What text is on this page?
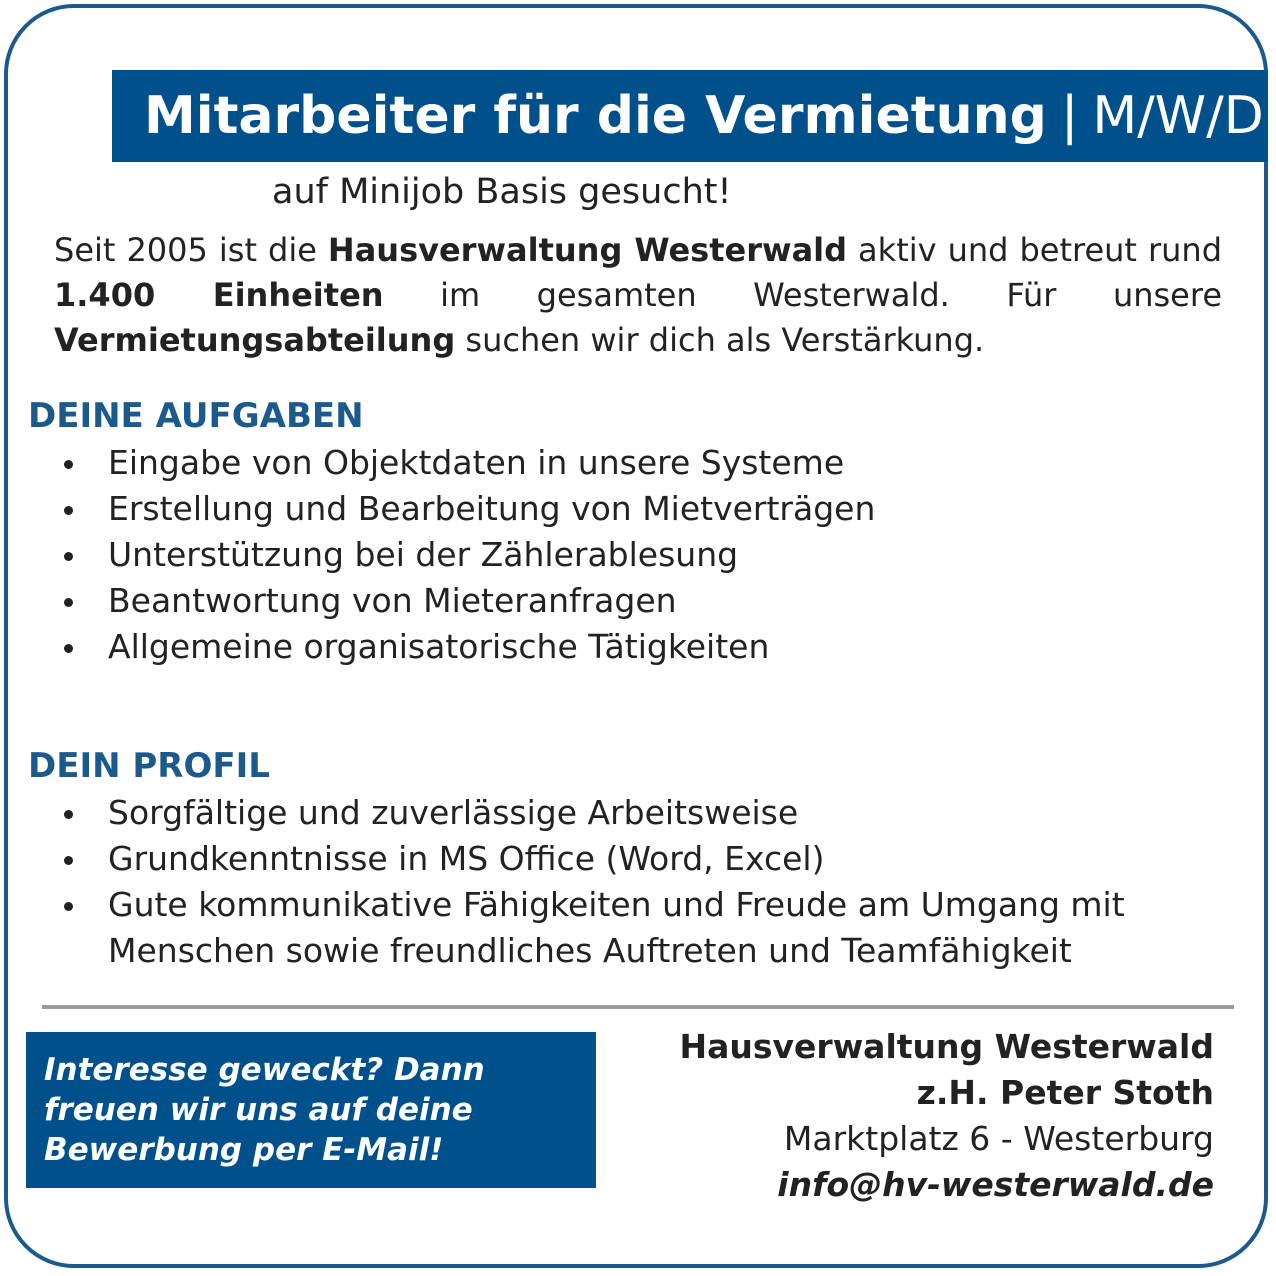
Mitarbeiter für die Vermietung | M/W/D
auf Minijob Basis gesucht!

Seit 2005 ist die Hausverwaltung Westerwald aktiv und betreut rund 1.400 Einheiten im gesamten Westerwald. Für unsere Vermietungsabteilung suchen wir dich als Verstärkung.

DEINE AUFGABEN
Eingabe von Objektdaten in unsere Systeme
Erstellung und Bearbeitung von Mietverträgen
Unterstützung bei der Zählerablesung
Beantwortung von Mieteranfragen
Allgemeine organisatorische Tätigkeiten
DEIN PROFIL
Sorgfältige und zuverlässige Arbeitsweise
Grundkenntnisse in MS Office (Word, Excel)
Gute kommunikative Fähigkeiten und Freude am Umgang mit Menschen sowie freundliches Auftreten und Teamfähigkeit
Interesse geweckt? Dann
freuen wir uns auf deine
Bewerbung per E-Mail!
Hausverwaltung Westerwald
z.H. Peter Stoth
Marktplatz 6 - Westerburg
info@hv-westerwald.de
